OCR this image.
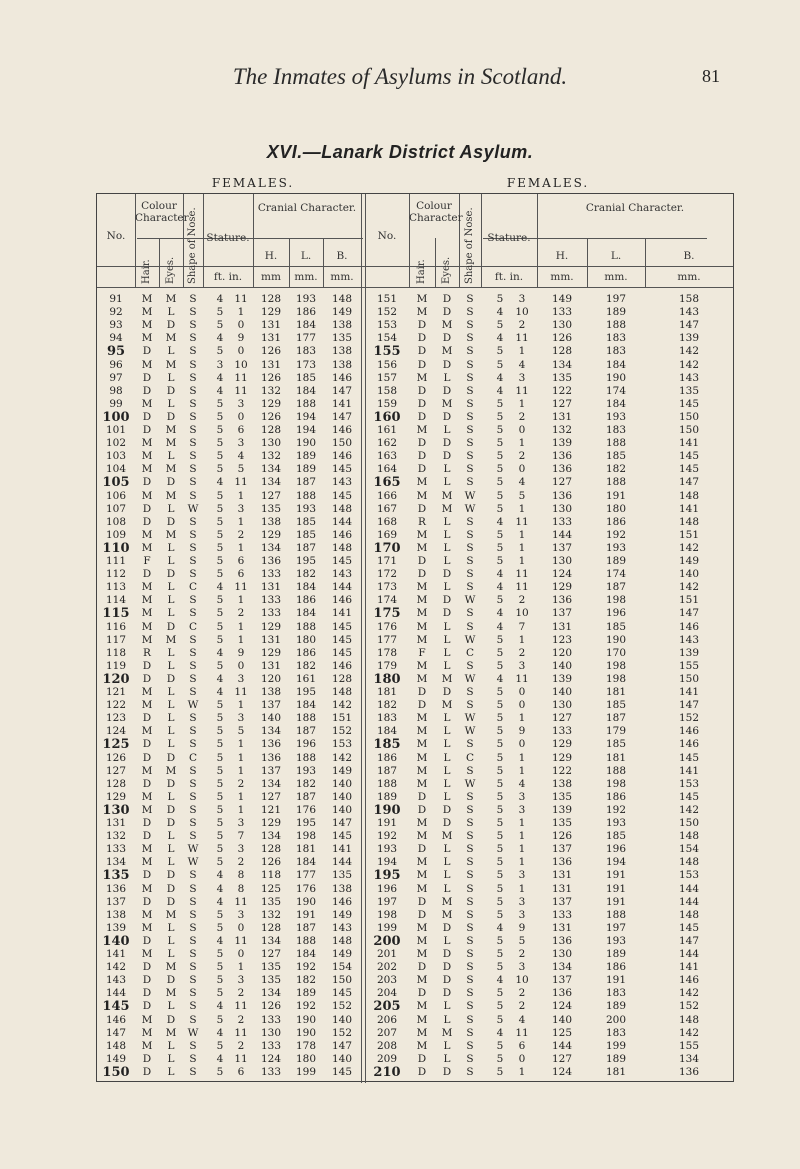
The Inmates of Asylums in Scotland.	81
XVI.—Lanark District Asylum.
FEMALES.	FEMALES.
No.
Colour Character
Hair. Eyes. Shape of Nose. Stature.
ft. in.
Cranial Character.
H.	L.	B.
mm	mm.	mm.
No.
Colour Character
Hair. Eyes. Shape of Nose.	Stature.
ft. in.
Cranial Character.
H.	L.	B.
mm.	mm.	mm.
91	M	M	S	4	11	128	193	148
92	M	L	S	5	1	129	186	149
93	M	D	S	5	0	131	184	138
94	M	M	S	4	9	131	177	135
95	D	L	S	5	0	126	183	138
96	M	M	S	3	10	131	173	138
97	D	L	S	4	11	126	185	146
98	D	D	S	4	11	132	184	147
99	M	L	S	5	3	129	188	141
100	D	D	S	5	0	126	194	147
101	D	M	S	5	6	128	194	146
102	M	M	S	5	3	130	190	150
103	M	L	S	5	4	132	189	146
104	M	M	S	5	5	134	189	145
105	D	D	S	4	11	134	187	143
106	M	M	S	5	1	127	188	145
107	D	L	W	5	3	135	193	148
108	D	D	S	5	1	138	185	144
109	M	M	S	5	2	129	185	146
110	M	L	S	5	1	134	187	148
111	F	L	S	5	6	136	195	145
112	D	D	S	5	6	133	182	143
113	M	L	C	4	11	131	184	144
114	M	L	S	5	1	133	186	146
115	M	L	S	5	2	133	184	141
116	M	D	C	5	1	129	188	145
117	M	M	S	5	1	131	180	145
118	R	L	S	4	9	129	186	145
119	D	L	S	5	0	131	182	146
120	D	D	S	4	3	120	161	128
121	M	L	S	4	11	138	195	148
122	M	L	W	5	1	137	184	142
123	D	L	S	5	3	140	188	151
124	M	L	S	5	5	134	187	152
125	D	L	S	5	1	136	196	153
126	D	D	C	5	1	136	188	142
127	M	M	S	5	1	137	193	149
128	D	D	S	5	2	134	182	140
129	M	L	S	5	1	127	187	140
130	M	D	S	5	1	121	176	140
131	D	D	S	5	3	129	195	147
132	D	L	S	5	7	134	198	145
133	M	L	W	5	3	128	181	141
134	M	L	W	5	2	126	184	144
135	D	D	S	4	8	118	177	135
136	M	D	S	4	8	125	176	138
137	D	D	S	4	11	135	190	146
138	M	M	S	5	3	132	191	149
139	M	L	S	5	0	128	187	143
140	D	L	S	4	11	134	188	148
141	M	L	S	5	0	127	184	149
142	D	M	S	5	1	135	192	154
143	D	D	S	5	3	135	182	150
144	D	M	S	5	2	134	189	145
145	D	L	S	4	11	126	192	152
146	M	D	S	5	2	133	190	140
147	M	M	W	4	11	130	190	152
148	M	L	S	5	2	133	178	147
149	D	L	S	4	11	124	180	140
150	D	L	S	5	6	133	199	145
151	M	D	S	5	3	149	197	158
152	M	D	S	4	10	133	189	143
153	D	M	S	5	2	130	188	147
154	D	D	S	4	11	126	183	139
155	D	M	S	5	1	128	183	142
156	D	D	S	5	4	134	184	142
157	M	L	S	4	3	135	190	143
158	D	D	S	4	11	122	174	135
159	D	M	S	5	1	127	184	145
160	D	D	S	5	2	131	193	150
161	M	L	S	5	0	132	183	150
162	D	D	S	5	1	139	188	141
163	D	D	S	5	2	136	185	145
164	D	L	S	5	0	136	182	145
165	M	L	S	5	4	127	188	147
166	M	M	W	5	5	136	191	148
167	D	M	W	5	1	130	180	141
168	R	L	S	4	11	133	186	148
169	M	L	S	5	1	144	192	151
170	M	L	S	5	1	137	193	142
171	D	L	S	5	1	130	189	149
172	D	D	S	4	11	124	174	140
173	M	L	S	4	11	129	187	142
174	M	D	W	5	2	136	198	151
175	M	D	S	4	10	137	196	147
176	M	L	S	4	7	131	185	146
177	M	L	W	5	1	123	190	143
178	F	L	C	5	2	120	170	139
179	M	L	S	5	3	140	198	155
180	M	M	W	4	11	139	198	150
181	D	D	S	5	0	140	181	141
182	D	M	S	5	0	130	185	147
183	M	L	W	5	1	127	187	152
184	M	L	W	5	9	133	179	146
185	M	L	S	5	0	129	185	146
186	M	L	C	5	1	129	181	145
187	M	L	S	5	1	122	188	141
188	M	L	W	5	4	138	198	153
189	D	L	S	5	3	135	186	145
190	D	D	S	5	3	139	192	142
191	M	D	S	5	1	135	193	150
192	M	M	S	5	1	126	185	148
193	D	L	S	5	1	137	196	154
194	M	L	S	5	1	136	194	148
195	M	L	S	5	3	131	191	153
196	M	L	S	5	1	131	191	144
197	D	M	S	5	3	137	191	144
198	D	M	S	5	3	133	188	148
199	M	D	S	4	9	131	197	145
200	M	L	S	5	5	136	193	147
201	M	D	S	5	2	130	189	144
202	D	D	S	5	3	134	186	141
203	M	D	S	4	10	137	191	146
204	D	D	S	5	2	136	183	142
205	M	L	S	5	2	124	189	152
206	M	L	S	5	4	140	200	148
207	M	M	S	4	11	125	183	142
208	M	L	S	5	6	144	199	155
209	D	L	S	5	0	127	189	134
210	D	D	S	5	1	124	181	136
